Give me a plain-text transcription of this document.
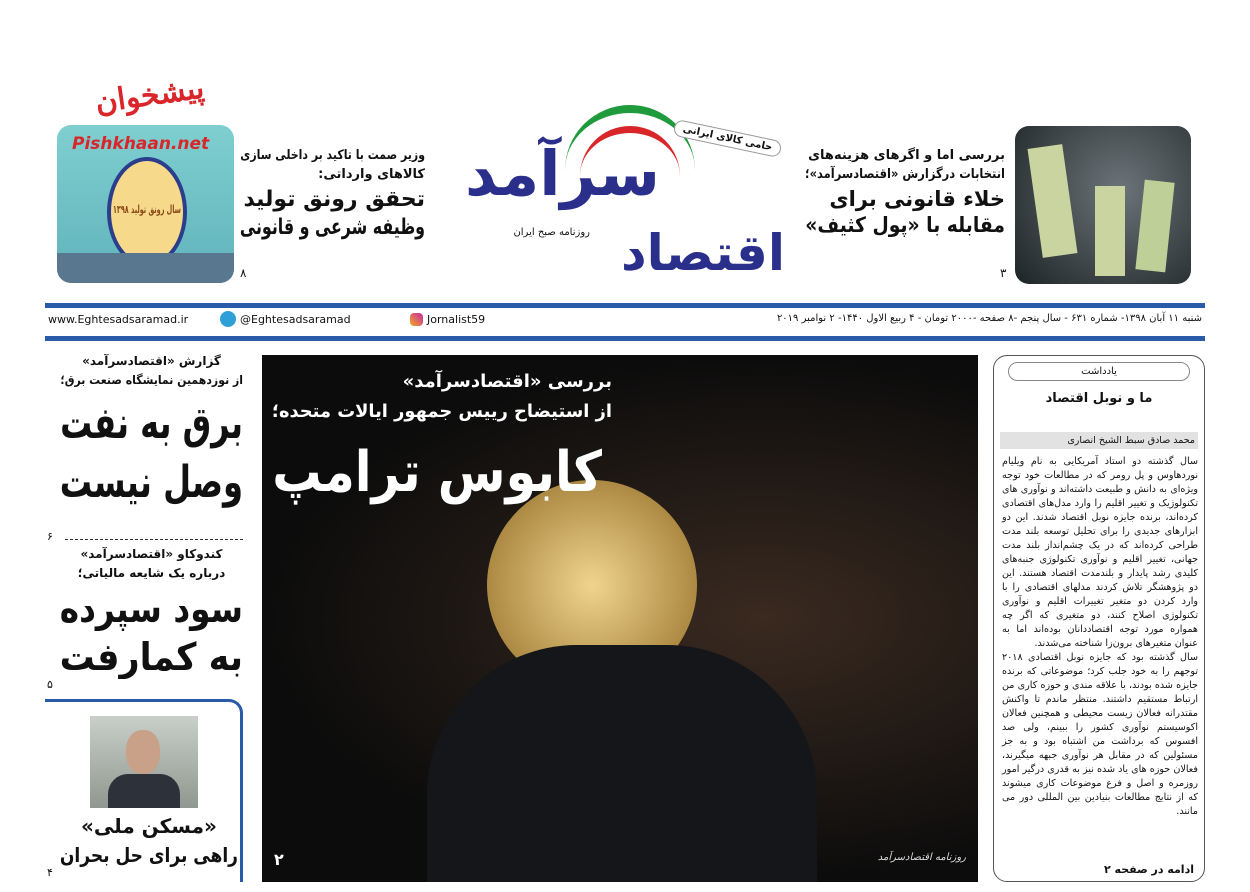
پیشخوان
Pishkhaan.net
سال رونق تولید ۱۳۹۸
وزیر صمت با تاکید بر داخلی سازی
کالاهای وارداتی:
تحقق رونق تولید
وظیفه شرعی و قانونی
۸
سرآمد
اقتصاد
روزنامه صبح ایران
حامی کالای ایرانی
بررسی اما و اگرهای هزینه‌های
انتخابات درگزارش «اقتصادسرآمد»؛
خلاء قانونی برای
مقابله با «پول کثیف»
۳
www.Eghtesadsaramad.ir	@Eghtesadsaramad	Jornalist59	شنبه ۱۱ آبان ۱۳۹۸- شماره ۶۳۱ - سال پنجم -۸ صفحه -۲۰۰۰ تومان - ۴ ربیع الاول ۱۴۴۰- ۲ نوامبر ۲۰۱۹
گزارش «اقتصادسرآمد»
از نوزدهمین نمایشگاه صنعت برق؛
برق به نفت
وصل نیست
۶
کندوکاو «اقتصادسرآمد»
درباره یک شایعه مالیاتی؛
سود سپرده
به کمارفت
۵
«مسکن ملی»
راهی برای حل بحران
۴
بررسی «اقتصادسرآمد»
از استیضاح رییس جمهور ایالات متحده؛
کابوس ترامپ
۲	روزنامه اقتصادسرآمد
یادداشت
ما و نوبل اقتصاد
محمد صادق سبط الشیخ انصاری

سال گذشته دو استاد آمریکایی به نام ویلیام نوردهاوس و پل رومر که در مطالعات خود توجه ویژه‌ای به دانش و طبیعت داشته‌اند و نوآوری های تکنولوژیک و تغییر اقلیم را وارد مدل‌های اقتصادی کرده‌اند، برنده جایزه نوبل اقتصاد شدند. این دو ابزارهای جدیدی را برای تحلیل توسعه بلند مدت طراحی کرده‌اند که در یک چشم‌انداز بلند مدت جهانی، تغییر اقلیم و نوآوری تکنولوژی جنبه‌های کلیدی رشد پایدار و بلندمدت اقتصاد هستند. این دو پژوهشگر تلاش کردند مدلهای اقتصادی را با وارد کردن دو متغیر تغییرات اقلیم و نوآوری تکنولوژی اصلاح کنند، دو متغیری که اگر چه همواره مورد توجه اقتصاددانان بوده‌اند اما به عنوان متغیرهای برون‌زا شناخته می‌شدند.

سال گذشته بود که جایزه نوبل اقتصادی ۲۰۱۸ توجهم را به خود جلب کرد؛ موضوعاتی که برنده جایزه شده بودند، با علاقه مندی و حوزه کاری من ارتباط مستقیم داشتند. منتظر ماندم تا واکنش مقتدرانه فعالان زیست محیطی و همچنین فعالان اکوسیستم نوآوری کشور را ببینم، ولی صد افسوس که برداشت من اشتباه بود و به جز مسئولین که در مقابل هر نوآوری جبهه میگیرند، فعالان حوزه های یاد شده نیز به قدری درگیر امور روزمره و اصل و فرع موضوعات کاری میشوند که از نتایج مطالعات بنیادین بین المللی دور می مانند.

ادامه در صفحه ۲
